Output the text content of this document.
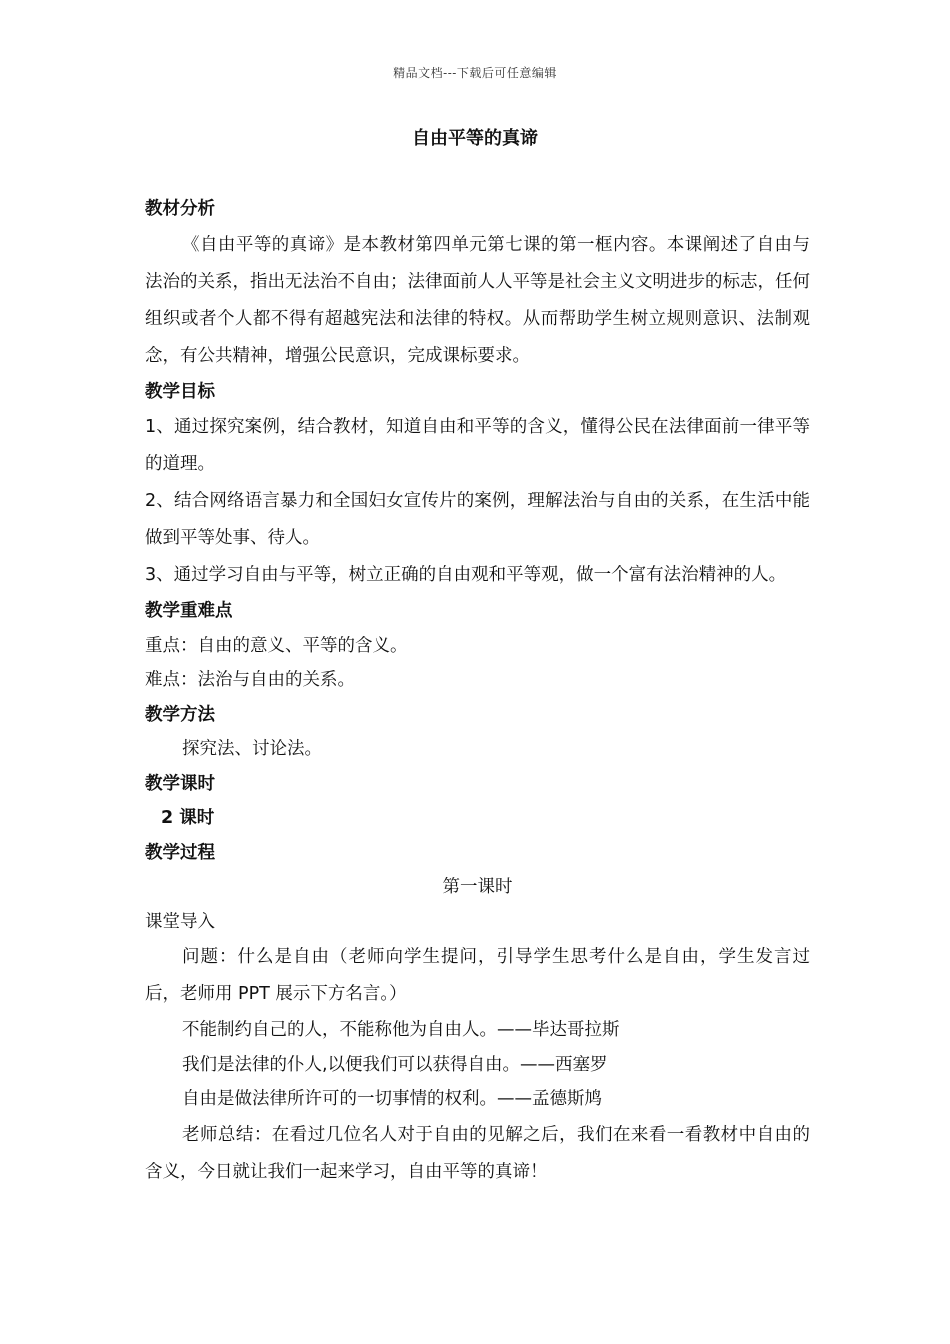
精品文档---下载后可任意编辑
自由平等的真谛

教材分析

《自由平等的真谛》是本教材第四单元第七课的第一框内容。本课阐述了自由与法治的关系，指出无法治不自由；法律面前人人平等是社会主义文明进步的标志，任何组织或者个人都不得有超越宪法和法律的特权。从而帮助学生树立规则意识、法制观念，有公共精神，增强公民意识，完成课标要求。

教学目标

1、通过探究案例，结合教材，知道自由和平等的含义，懂得公民在法律面前一律平等的道理。

2、结合网络语言暴力和全国妇女宣传片的案例，理解法治与自由的关系，在生活中能做到平等处事、待人。

3、通过学习自由与平等，树立正确的自由观和平等观，做一个富有法治精神的人。

教学重难点

重点：自由的意义、平等的含义。

难点：法治与自由的关系。

教学方法

探究法、讨论法。

教学课时

2 课时

教学过程

第一课时

课堂导入

问题：什么是自由（老师向学生提问，引导学生思考什么是自由，学生发言过后，老师用 PPT 展示下方名言。）

不能制约自己的人，不能称他为自由人。——毕达哥拉斯

我们是法律的仆人,以便我们可以获得自由。——西塞罗

自由是做法律所许可的一切事情的权利。——孟德斯鸠

老师总结：在看过几位名人对于自由的见解之后，我们在来看一看教材中自由的含义，今日就让我们一起来学习，自由平等的真谛！
